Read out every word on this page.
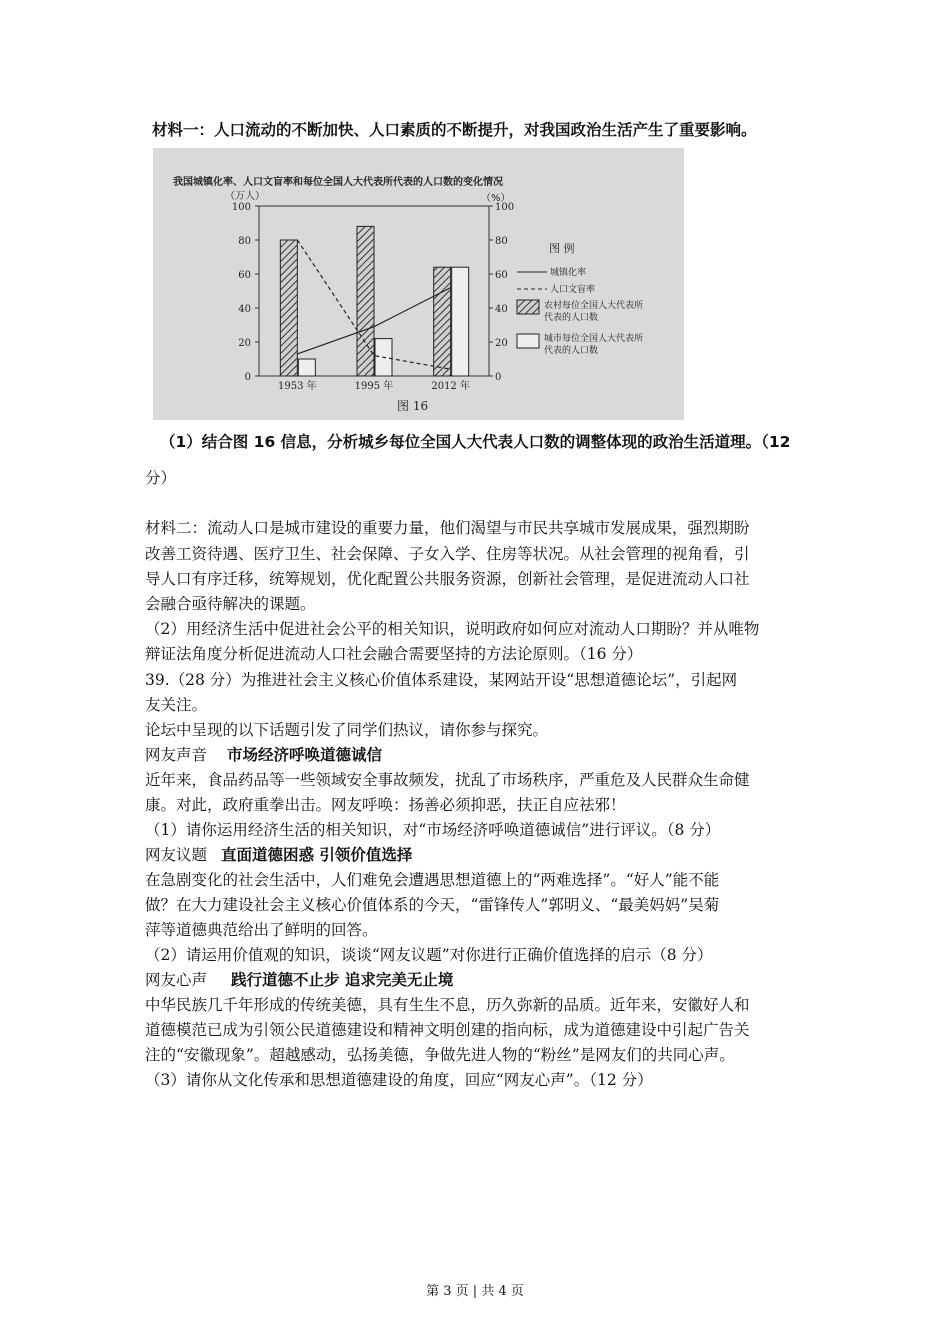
材料一：人口流动的不断加快、人口素质的不断提升，对我国政治生活产生了重要影响。
我国城镇化率、人口文盲率和每位全国人大代表所代表的人口数的变化情况
（万人）	（%）
0
20
40
60
80
100
0
20
40
60
80
100
1953 年	1995 年	2012 年
图 16
图 例
城镇化率
人口文盲率
农村每位全国人大代表所
代表的人口数
城市每位全国人大代表所
代表的人口数
（1）结合图 16 信息，分析城乡每位全国人大代表人口数的调整体现的政治生活道理。（12
分）
材料二：流动人口是城市建设的重要力量，他们渴望与市民共享城市发展成果，强烈期盼
改善工资待遇、医疗卫生、社会保障、子女入学、住房等状况。从社会管理的视角看，引
导人口有序迁移，统筹规划，优化配置公共服务资源，创新社会管理，是促进流动人口社
会融合亟待解决的课题。
（2）用经济生活中促进社会公平的相关知识，说明政府如何应对流动人口期盼？并从唯物
辩证法角度分析促进流动人口社会融合需要坚持的方法论原则。（16 分）
39.（28 分）为推进社会主义核心价值体系建设，某网站开设“思想道德论坛”，引起网
友关注。
论坛中呈现的以下话题引发了同学们热议，请你参与探究。
网友声音 市场经济呼唤道德诚信
近年来，食品药品等一些领域安全事故频发，扰乱了市场秩序，严重危及人民群众生命健
康。对此，政府重拳出击。网友呼唤：扬善必须抑恶，扶正自应祛邪！
（1）请你运用经济生活的相关知识，对“市场经济呼唤道德诚信”进行评议。（8 分）
网友议题 直面道德困惑 引领价值选择
在急剧变化的社会生活中，人们难免会遭遇思想道德上的“两难选择”。“好人”能不能
做？在大力建设社会主义核心价值体系的今天，“雷锋传人”郭明义、“最美妈妈”吴菊
萍等道德典范给出了鲜明的回答。
（2）请运用价值观的知识，谈谈“网友议题”对你进行正确价值选择的启示（8 分）
网友心声 践行道德不止步 追求完美无止境
中华民族几千年形成的传统美德，具有生生不息，历久弥新的品质。近年来，安徽好人和
道德模范已成为引领公民道德建设和精神文明创建的指向标，成为道德建设中引起广告关
注的“安徽现象”。超越感动，弘扬美德，争做先进人物的“粉丝”是网友们的共同心声。
（3）请你从文化传承和思想道德建设的角度，回应“网友心声”。（12 分）
第 3 页 | 共 4 页
